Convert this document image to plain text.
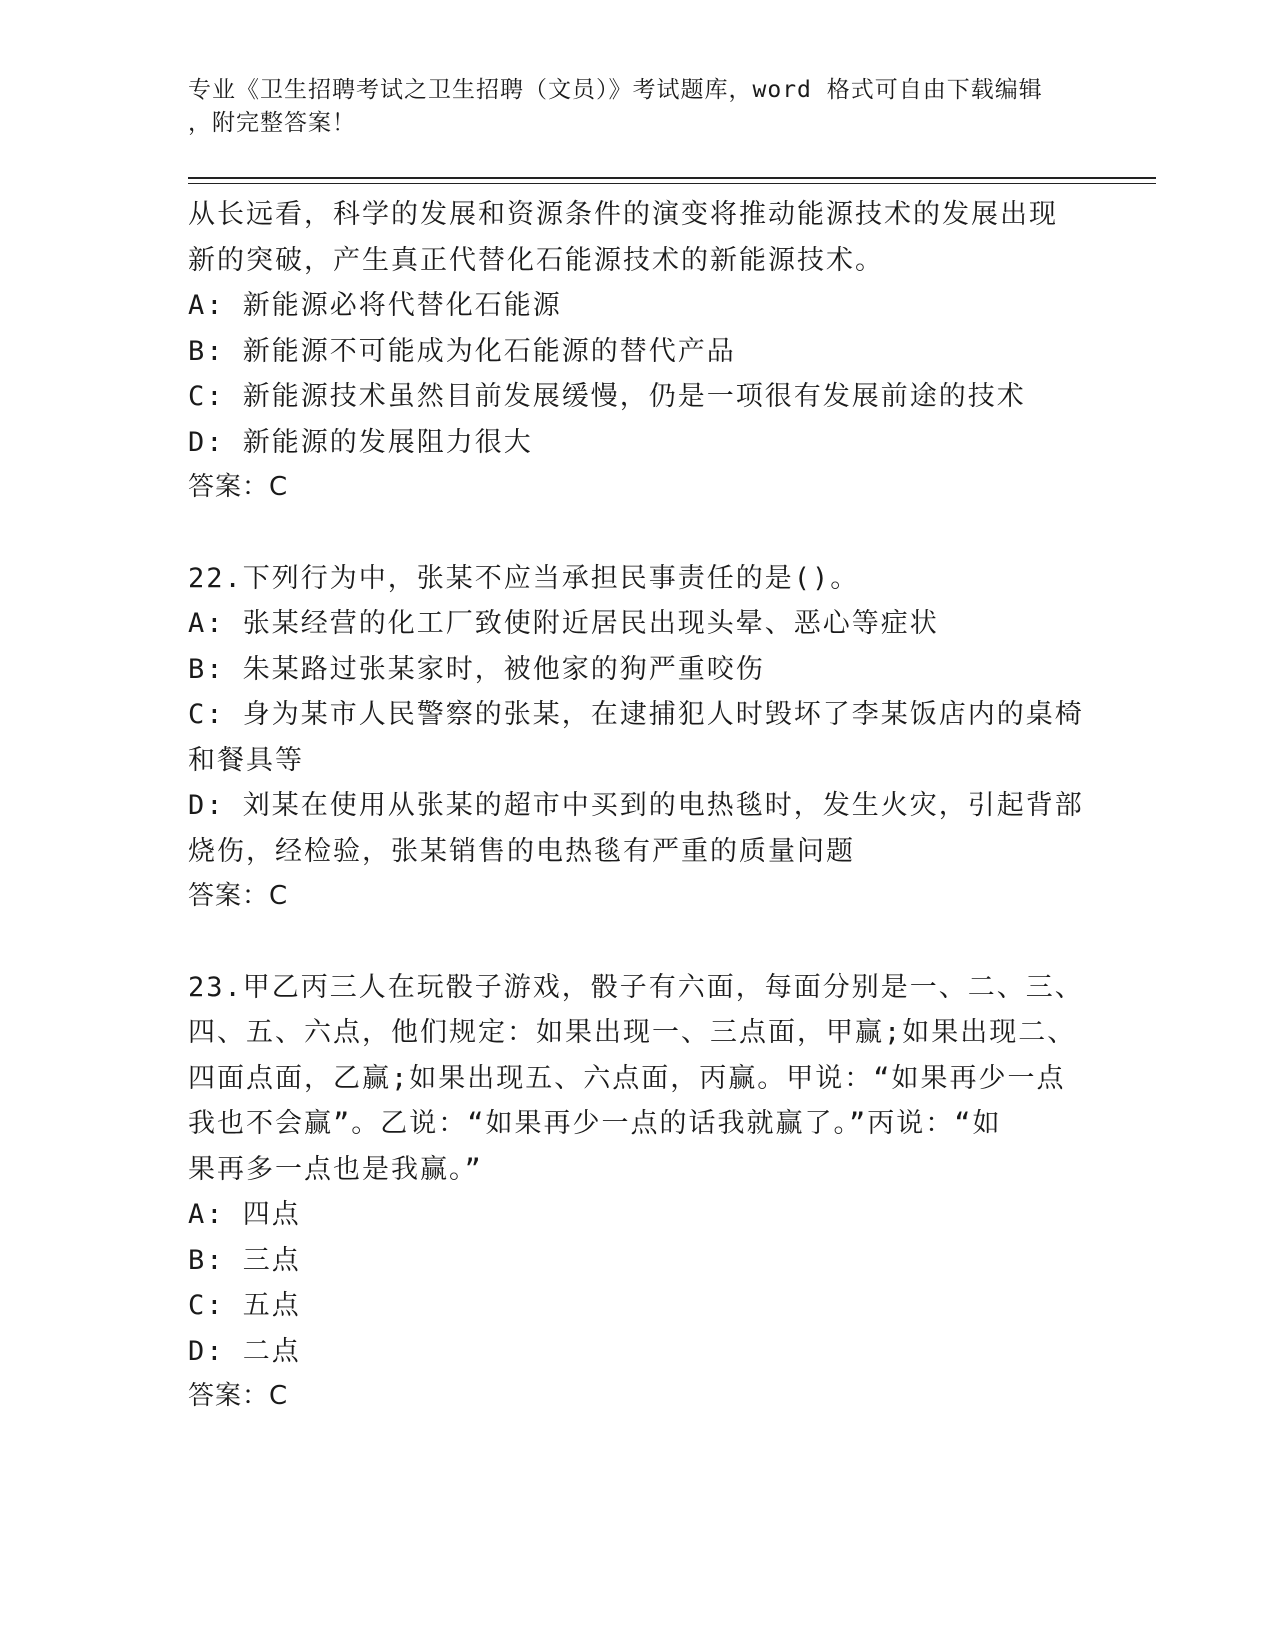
专业《卫生招聘考试之卫生招聘（文员）》考试题库，word 格式可自由下载编辑
，附完整答案！
从长远看，科学的发展和资源条件的演变将推动能源技术的发展出现
新的突破，产生真正代替化石能源技术的新能源技术。
A: 新能源必将代替化石能源
B: 新能源不可能成为化石能源的替代产品
C: 新能源技术虽然目前发展缓慢，仍是一项很有发展前途的技术
D: 新能源的发展阻力很大
答案：C
22.下列行为中，张某不应当承担民事责任的是()。
A: 张某经营的化工厂致使附近居民出现头晕、恶心等症状
B: 朱某路过张某家时，被他家的狗严重咬伤
C: 身为某市人民警察的张某，在逮捕犯人时毁坏了李某饭店内的桌椅
和餐具等
D: 刘某在使用从张某的超市中买到的电热毯时，发生火灾，引起背部
烧伤，经检验，张某销售的电热毯有严重的质量问题
答案：C
23.甲乙丙三人在玩骰子游戏，骰子有六面，每面分别是一、二、三、
四、五、六点，他们规定：如果出现一、三点面，甲赢;如果出现二、
四面点面，乙赢;如果出现五、六点面，丙赢。甲说：“如果再少一点
我也不会赢”。乙说：“如果再少一点的话我就赢了。”丙说：“如
果再多一点也是我赢。”
A: 四点
B: 三点
C: 五点
D: 二点
答案：C
